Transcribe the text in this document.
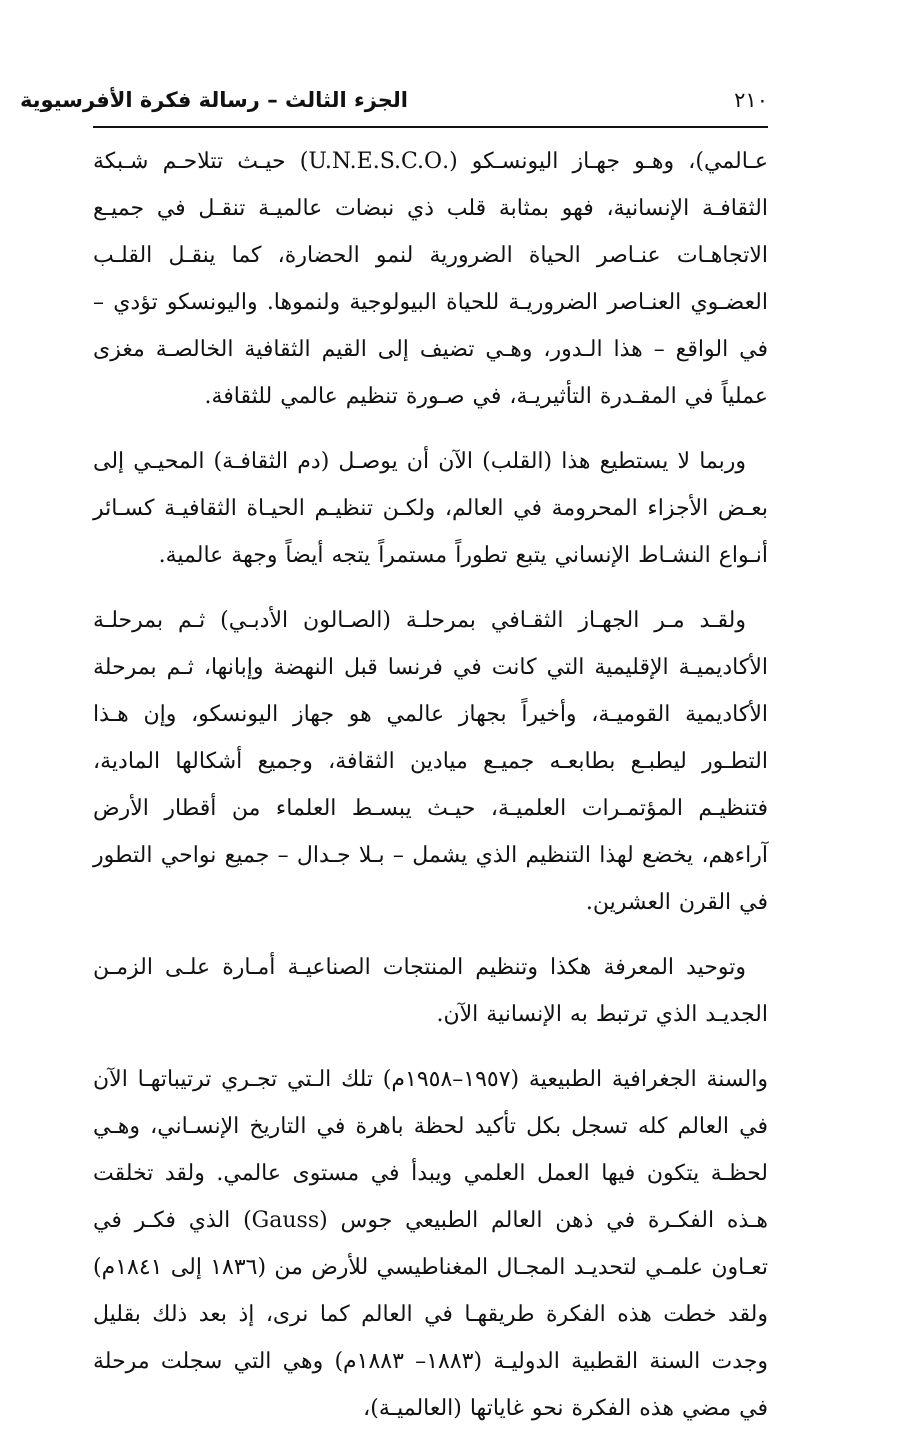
٢١٠
الجزء الثالث – رسالة فكرة الأفرسيوية

عـالمي)، وهـو جهـاز اليونسـكو (.U.N.E.S.C.O) حيـث تتلاحـم شـبكة الثقافـة الإنسانية، فهو بمثابة قلب ذي نبضات عالميـة تنقـل في جميـع الاتجاهـات عنـاصر الحياة الضرورية لنمو الحضارة، كما ينقـل القلـب العضـوي العنـاصر الضروريـة للحياة البيولوجية ولنموها. واليونسكو تؤدي – في الواقع – هذا الـدور، وهـي تضيف إلى القيم الثقافية الخالصـة مغزى عملياً في المقـدرة التأثيريـة، في صـورة تنظيم عالمي للثقافة.

وربما لا يستطيع هذا (القلب) الآن أن يوصـل (دم الثقافـة) المحيـي إلى بعـض الأجزاء المحرومة في العالم، ولكـن تنظيـم الحيـاة الثقافيـة كسـائر أنـواع النشـاط الإنساني يتبع تطوراً مستمراً يتجه أيضاً وجهة عالمية.

ولقـد مـر الجهـاز الثقـافي بمرحلـة (الصـالون الأدبـي) ثـم بمرحلـة الأكاديميـة الإقليمية التي كانت في فرنسا قبل النهضة وإبانها، ثـم بمرحلة الأكاديمية القوميـة، وأخيراً بجهاز عالمي هو جهاز اليونسكو، وإن هـذا التطـور ليطبـع بطابعـه جميـع ميادين الثقافة، وجميع أشكالها المادية، فتنظيـم المؤتمـرات العلميـة، حيـث يبسـط العلماء من أقطار الأرض آراءهم، يخضع لهذا التنظيم الذي يشمل – بـلا جـدال – جميع نواحي التطور في القرن العشرين.

وتوحيد المعرفة هكذا وتنظيم المنتجات الصناعيـة أمـارة علـى الزمـن الجديـد الذي ترتبط به الإنسانية الآن.

والسنة الجغرافية الطبيعية (١٩٥٧–١٩٥٨م) تلك الـتي تجـري ترتيباتهـا الآن في العالم كله تسجل بكل تأكيد لحظة باهرة في التاريخ الإنسـاني، وهـي لحظـة يتكون فيها العمل العلمي ويبدأ في مستوى عالمي. ولقد تخلقت هـذه الفكـرة في ذهن العالم الطبيعي جوس (Gauss) الذي فكـر في تعـاون علمـي لتحديـد المجـال المغناطيسي للأرض من (١٨٣٦ إلى ١٨٤١م) ولقد خطت هذه الفكرة طريقهـا في العالم كما نرى، إذ بعد ذلك بقليل وجدت السنة القطبية الدوليـة (١٨٨٣– ١٨٨٣م) وهي التي سجلت مرحلة في مضي هذه الفكرة نحو غاياتها (العالميـة)،
